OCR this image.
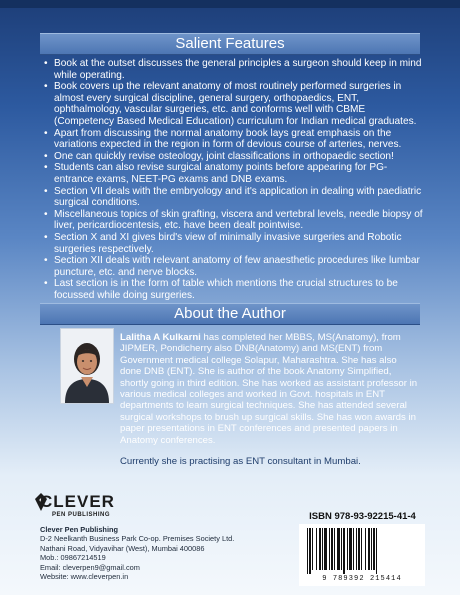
Salient Features
• Book at the outset discusses the general principles a surgeon should keep in mind while operating.
• Book covers up the relevant anatomy of most routinely performed surgeries in almost every surgical discipline, general surgery, orthopaedics, ENT, ophthalmology, vascular surgeries, etc. and conforms well with CBME (Competency Based Medical Education) curriculum for Indian medical graduates.
• Apart from discussing the normal anatomy book lays great emphasis on the variations expected in the region in form of devious course of arteries, nerves.
• One can quickly revise osteology, joint classifications in orthopaedic section!
• Students can also revise surgical anatomy points before appearing for PG-entrance exams, NEET-PG exams and DNB exams.
• Section VII deals with the embryology and it's application in dealing with paediatric surgical conditions.
• Miscellaneous topics of skin grafting, viscera and vertebral levels, needle biopsy of liver, pericardiocentesis, etc. have been dealt pointwise.
• Section X and XI gives bird's view of minimally invasive surgeries and Robotic surgeries respectively.
• Section XII deals with relevant anatomy of few anaesthetic procedures like lumbar puncture, etc. and nerve blocks.
• Last section is in the form of table which mentions the crucial structures to be focussed while doing surgeries.
About the Author

Lalitha A Kulkarni has completed her MBBS, MS(Anatomy), from JIPMER, Pondicherry also DNB(Anatomy) and MS(ENT) from Government medical college Solapur, Maharashtra. She has also done DNB (ENT). She is author of the book Anatomy Simplified, shortly going in third edition. She has worked as assistant professor in various medical colleges and worked in Govt. hospitals in ENT departments to learn surgical techniques. She has attended several surgical workshops to brush up surgical skills. She has won awards in paper presentations in ENT conferences and presented papers in Anatomy conferences.

Currently she is practising as ENT consultant in Mumbai.

CLEVER
PEN PUBLISHING
Clever Pen Publishing
D-2 Neelkanth Business Park Co-op. Premises Society Ltd.
Nathani Road, Vidyavihar (West), Mumbai 400086
Mob.: 09867214519
Email: cleverpen9@gmail.com
Website: www.cleverpen.in
ISBN 978-93-92215-41-4
9 789392 215414
